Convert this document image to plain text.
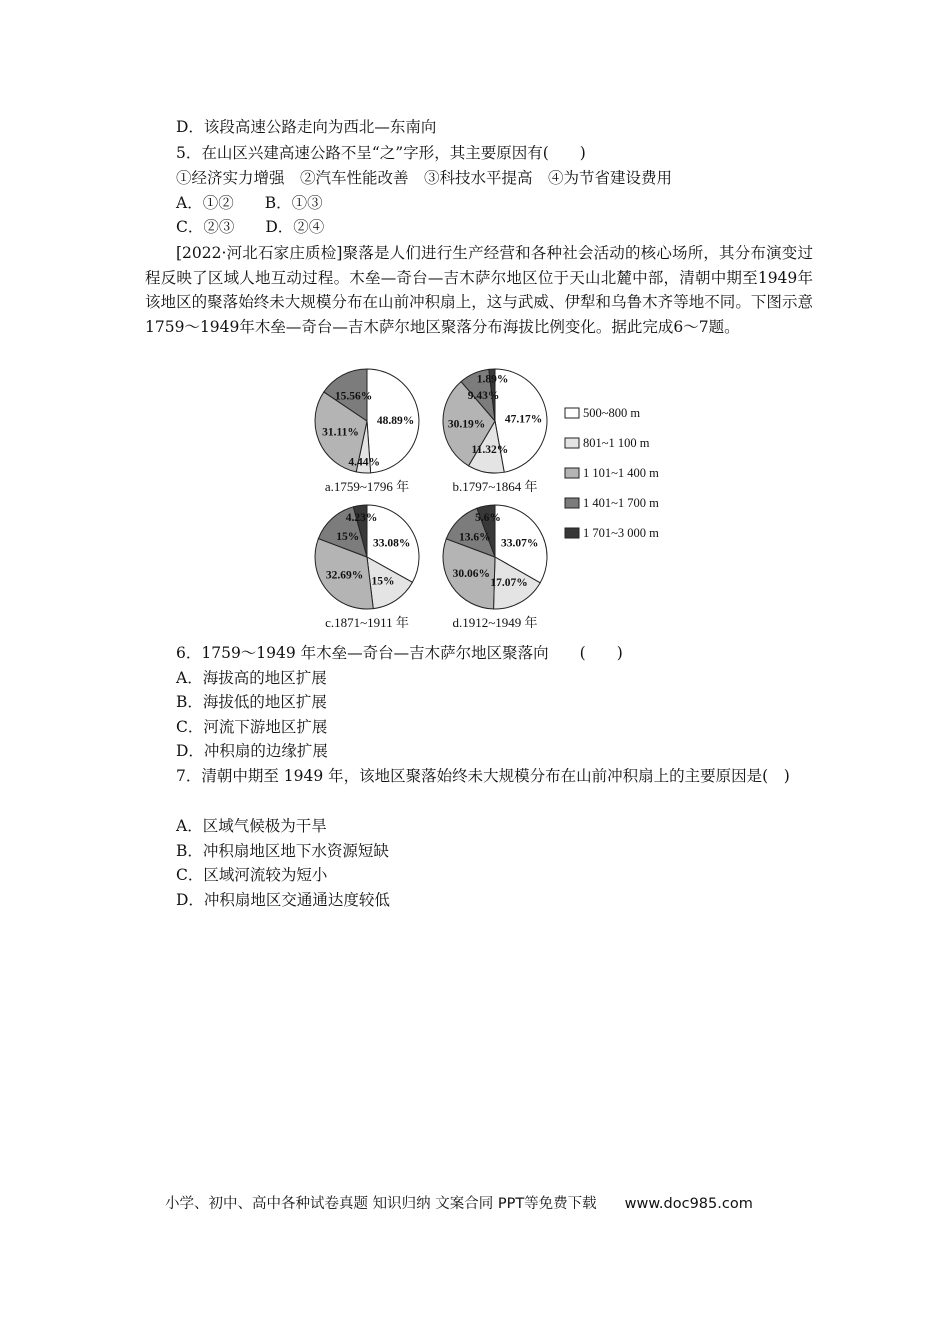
D．该段高速公路走向为西北—东南向
5．在山区兴建高速公路不呈“之”字形，其主要原因有(　　)
①经济实力增强　②汽车性能改善　③科技水平提高　④为节省建设费用
A．①②　　B．①③
C．②③　　D．②④
[2022·河北石家庄质检]聚落是人们进行生产经营和各种社会活动的核心场所，其分布演变过程反映了区域人地互动过程。木垒—奇台—吉木萨尔地区位于天山北麓中部，清朝中期至1949年该地区的聚落始终未大规模分布在山前冲积扇上，这与武威、伊犁和乌鲁木齐等地不同。下图示意1759～1949年木垒—奇台—吉木萨尔地区聚落分布海拔比例变化。据此完成6～7题。
48.89%
4.44%
31.11%
15.56%
a.1759~1796 年
47.17%
11.32%
30.19%
9.43%
1.89%
b.1797~1864 年
33.08%
15%
32.69%
15%
4.23%
c.1871~1911 年
33.07%
17.07%
30.06%
13.6%
5.6%
d.1912~1949 年
500~800 m
801~1 100 m
1 101~1 400 m
1 401~1 700 m
1 701~3 000 m
6．1759～1949 年木垒—奇台—吉木萨尔地区聚落向　　(　　)
A．海拔高的地区扩展
B．海拔低的地区扩展
C．河流下游地区扩展
D．冲积扇的边缘扩展
7．清朝中期至 1949 年，该地区聚落始终未大规模分布在山前冲积扇上的主要原因是(　)
A．区域气候极为干旱
B．冲积扇地区地下水资源短缺
C．区域河流较为短小
D．冲积扇地区交通通达度较低
小学、初中、高中各种试卷真题 知识归纳 文案合同 PPT等免费下载 www.doc985.com
